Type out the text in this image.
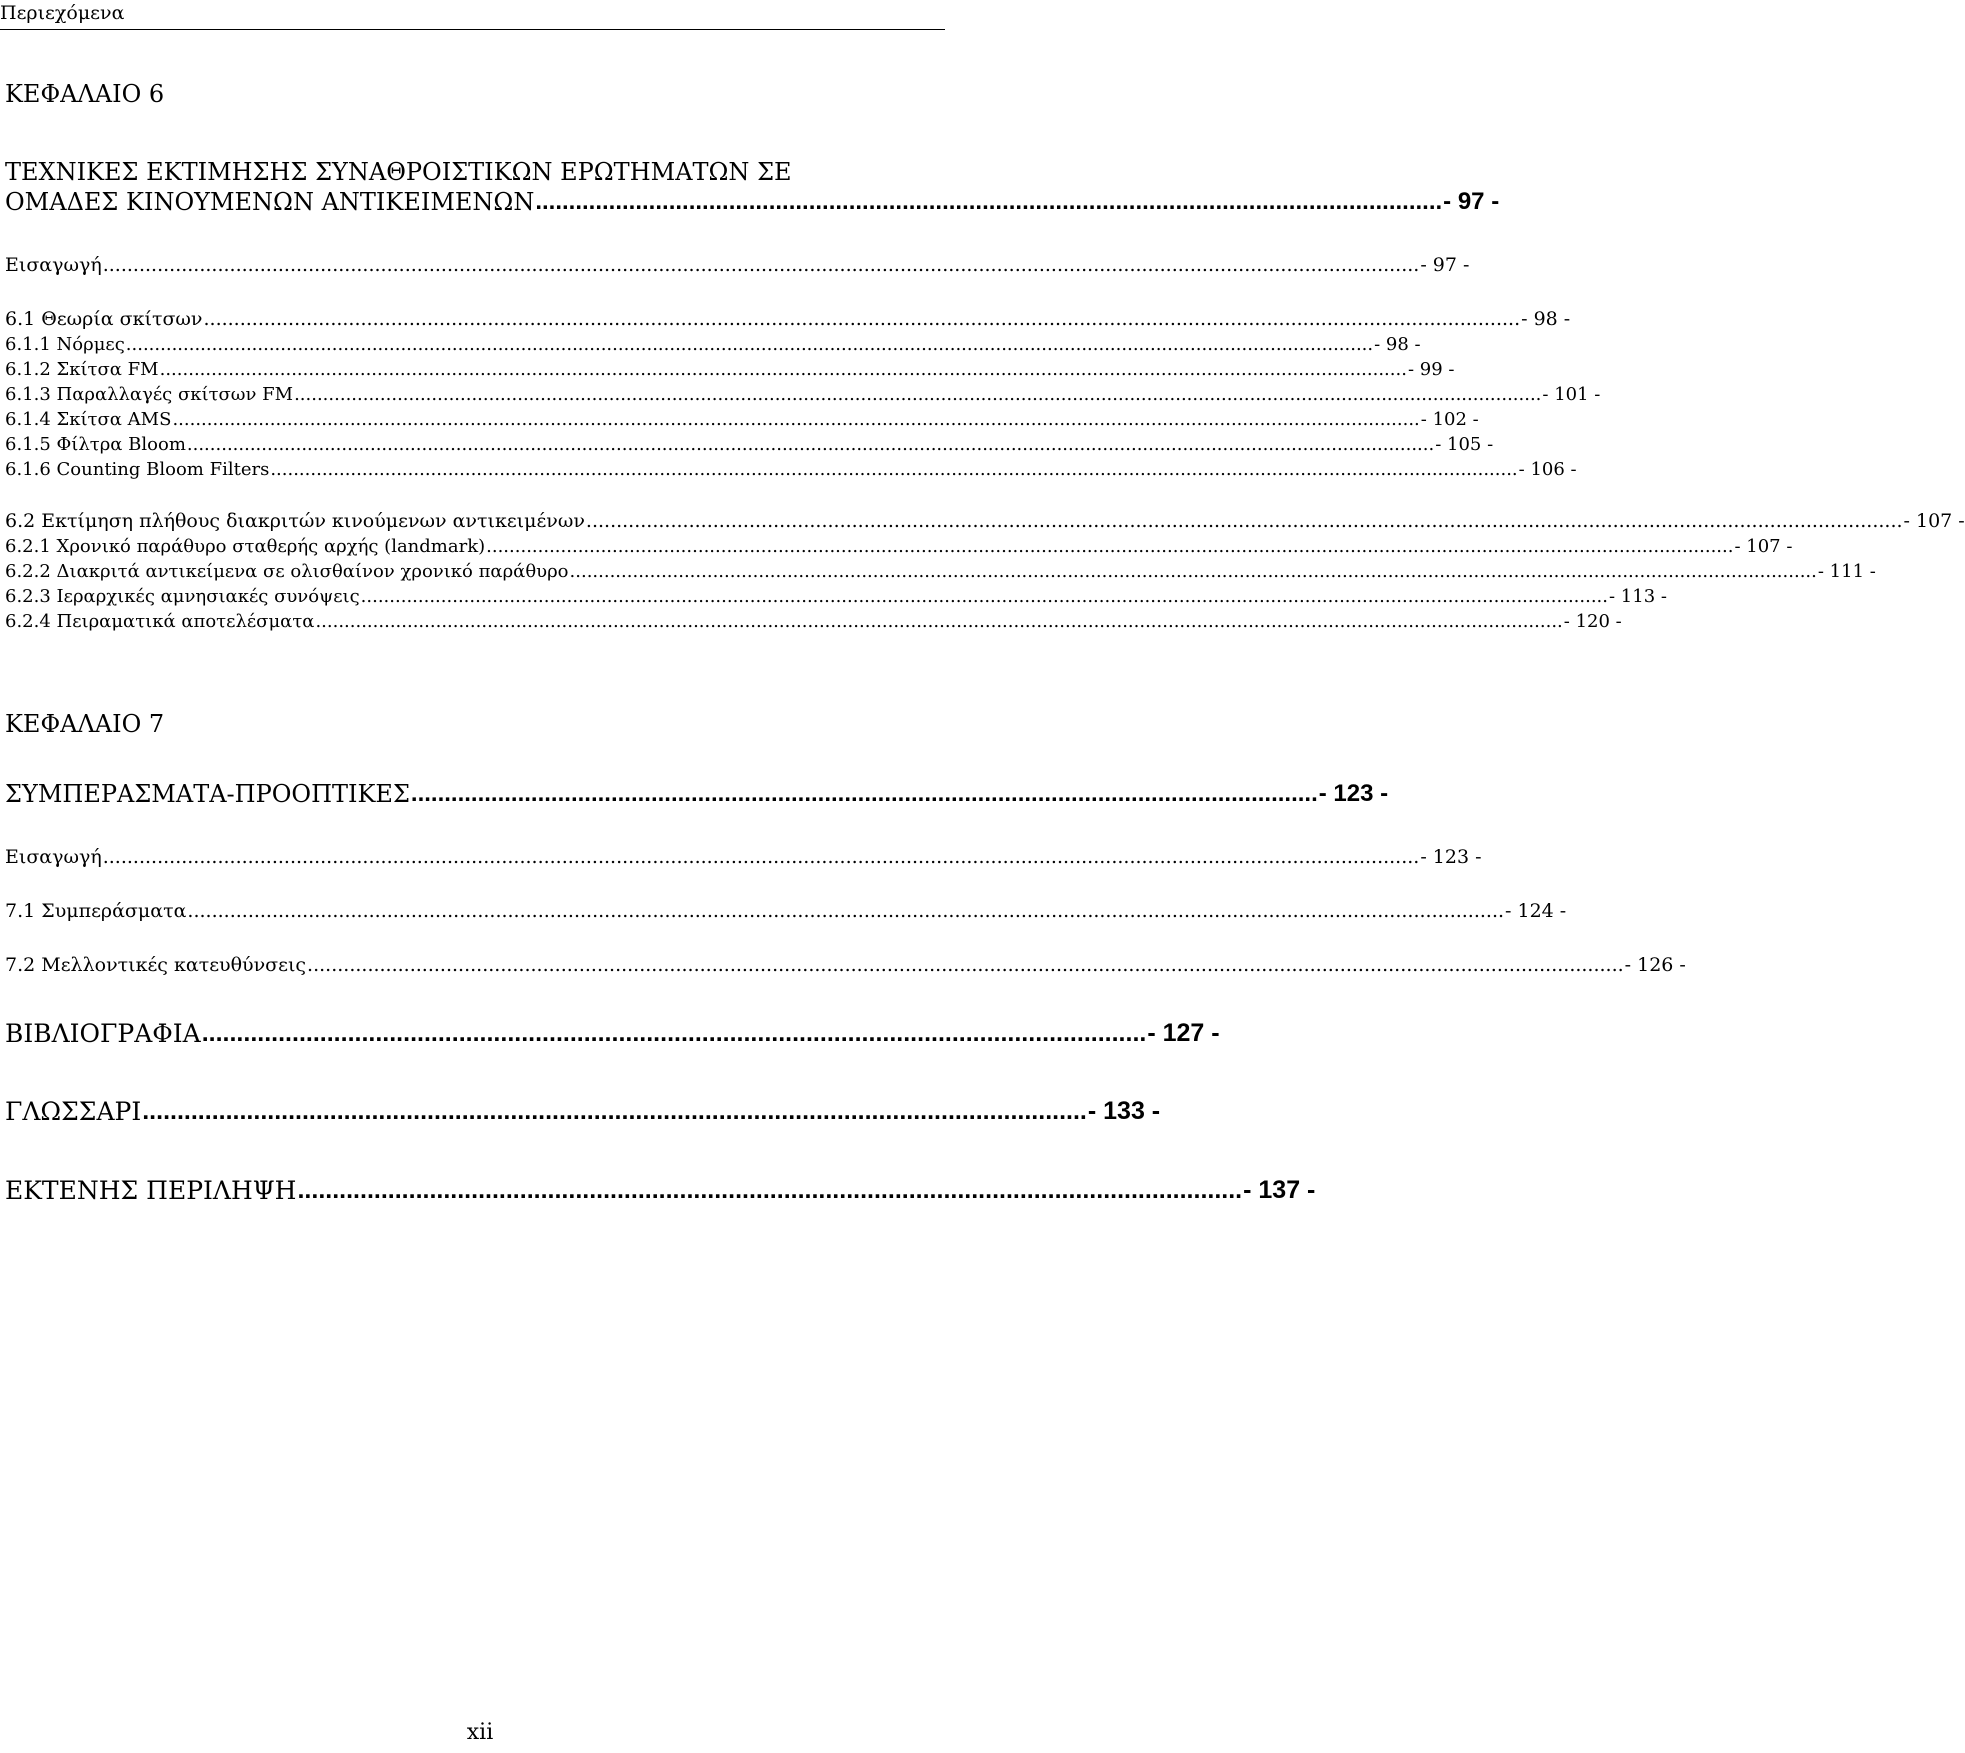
Περιεχόμενα
ΚΕΦΑΛΑΙΟ 6
ΤΕΧΝΙΚΕΣ ΕΚΤΙΜΗΣΗΣ ΣΥΝΑΘΡΟΙΣΤΙΚΩΝ ΕΡΩΤΗΜΑΤΩΝ ΣΕ
ΟΜΑΔΕΣ ΚΙΝΟΥΜΕΝΩΝ ΑΝΤΙΚΕΙΜΕΝΩΝ ........................................................................................................................................ - 97 -
Εισαγωγή .......................................................................................................................................................................................................................... - 97 -
6.1 Θεωρία σκίτσων .......................................................................................................................................................................................................................... - 98 -
6.1.1 Νόρμες .......................................................................................................................................................................................................................... - 98 -
6.1.2 Σκίτσα FM .......................................................................................................................................................................................................................... - 99 -
6.1.3 Παραλλαγές σκίτσων FM .......................................................................................................................................................................................................................... - 101 -
6.1.4 Σκίτσα AMS .......................................................................................................................................................................................................................... - 102 -
6.1.5 Φίλτρα Bloom .......................................................................................................................................................................................................................... - 105 -
6.1.6 Counting Bloom Filters .......................................................................................................................................................................................................................... - 106 -
6.2 Εκτίμηση πλήθους διακριτών κινούμενων αντικειμένων .......................................................................................................................................................................................................................... - 107 -
6.2.1 Χρονικό παράθυρο σταθερής αρχής (landmark) .......................................................................................................................................................................................................................... - 107 -
6.2.2 Διακριτά αντικείμενα σε ολισθαίνον χρονικό παράθυρο .......................................................................................................................................................................................................................... - 111 -
6.2.3 Ιεραρχικές αμνησιακές συνόψεις .......................................................................................................................................................................................................................... - 113 -
6.2.4 Πειραματικά αποτελέσματα .......................................................................................................................................................................................................................... - 120 -
ΚΕΦΑΛΑΙΟ 7
ΣΥΜΠΕΡΑΣΜΑΤΑ-ΠΡΟΟΠΤΙΚΕΣ ........................................................................................................................................ - 123 -
Εισαγωγή .......................................................................................................................................................................................................................... - 123 -
7.1 Συμπεράσματα .......................................................................................................................................................................................................................... - 124 -
7.2 Μελλοντικές κατευθύνσεις .......................................................................................................................................................................................................................... - 126 -
ΒΙΒΛΙΟΓΡΑΦΙΑ ........................................................................................................................................ - 127 -
ΓΛΩΣΣΑΡΙ ........................................................................................................................................ - 133 -
ΕΚΤΕΝΗΣ ΠΕΡΙΛΗΨΗ ........................................................................................................................................ - 137 -
xii
